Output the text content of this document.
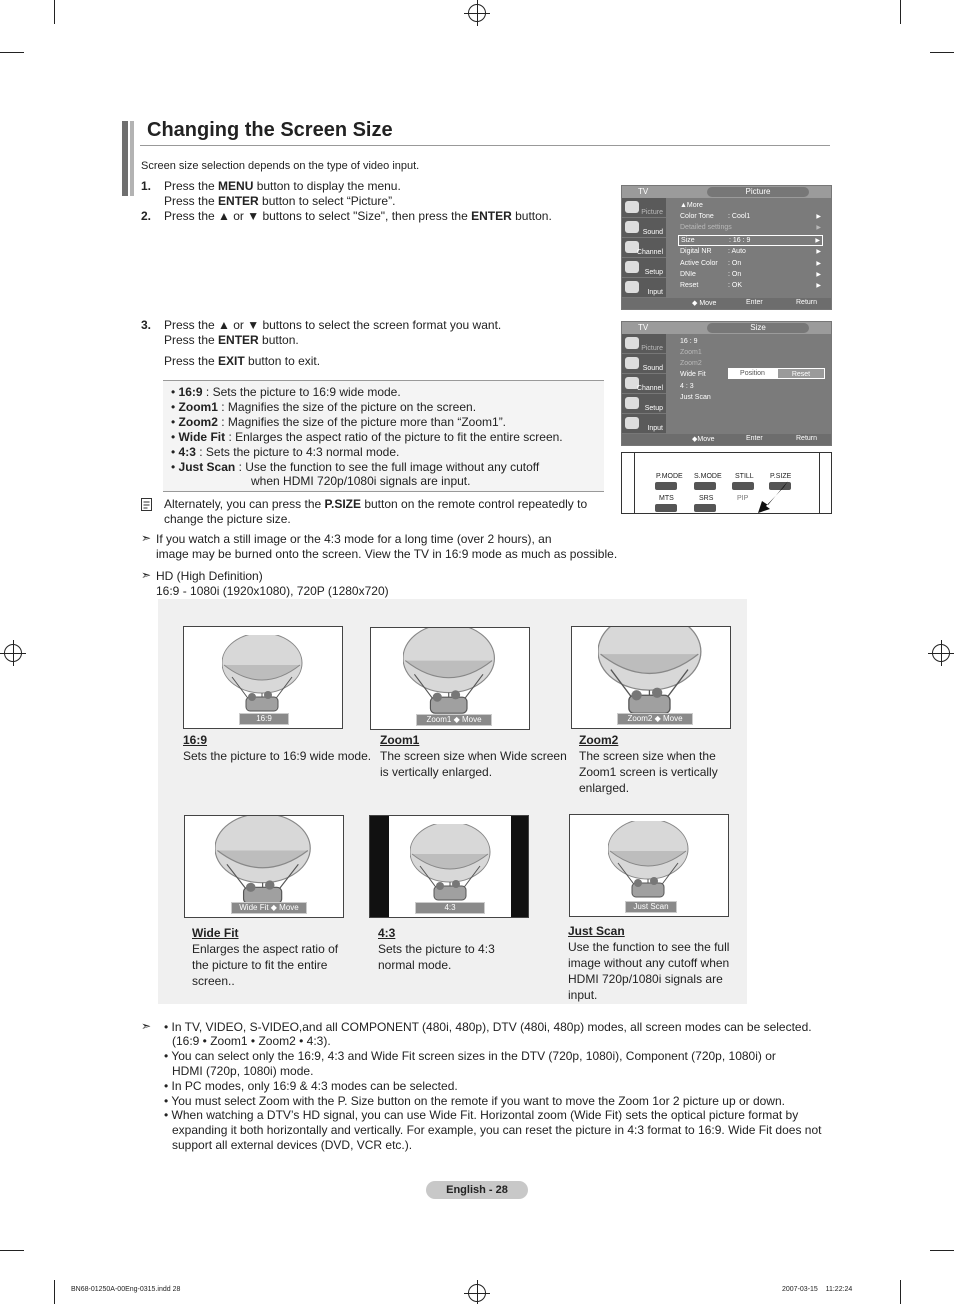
Changing the Screen Size
Screen size selection depends on the type of video input.
1. Press the MENU button to display the menu.
Press the ENTER button to select “Picture”.
2. Press the ▲ or ▼ buttons to select "Size", then press the ENTER button.
TV	Picture
Picture
Sound
Channel
Setup
Input
▲More
Color Tone : Cool1	▶
Detailed settings	▶
Size	: 16 : 9	▶
Digital NR : Auto	▶
Active Color : On	▶
DNIe	: On	▶
Reset	: OK	▶
◆ Move	Enter	Return
3. Press the ▲ or ▼ buttons to select the screen format you want.
Press the ENTER button.
Press the EXIT button to exit.
TV	Size
Picture
Sound
Channel
Setup
Input
16 : 9
Zoom1
Zoom2
Wide Fit
4 : 3
Just Scan
Position	Reset
◆Move	Enter	Return
P.MODE S.MODE STILL P.SIZE
MTS	SRS	PIP
• 16:9 : Sets the picture to 16:9 wide mode.
• Zoom1 : Magnifies the size of the picture on the screen.
• Zoom2 : Magnifies the size of the picture more than “Zoom1”.
• Wide Fit : Enlarges the aspect ratio of the picture to fit the entire screen.
• 4:3 : Sets the picture to 4:3 normal mode.
• Just Scan : Use the function to see the full image without any cutoff
when HDMI 720p/1080i signals are input.
Alternately, you can press the P.SIZE button on the remote control repeatedly to
change the picture size.
➣ If you watch a still image or the 4:3 mode for a long time (over 2 hours), an
image may be burned onto the screen. View the TV in 16:9 mode as much as possible.
➣ HD (High Definition)
16:9 - 1080i (1920x1080), 720P (1280x720)
16:9
16:9
Sets the picture to 16:9 wide mode.
Zoom1 ◆ Move
Zoom1
The screen size when Wide screen
is vertically enlarged.
Zoom2 ◆ Move
Zoom2
The screen size when the
Zoom1 screen is vertically
enlarged.
Wide Fit ◆ Move
Wide Fit
Enlarges the aspect ratio of
the picture to fit the entire
screen..
4:3
4:3
Sets the picture to 4:3
normal mode.
Just Scan
Just Scan
Use the function to see the full
image without any cutoff when
HDMI 720p/1080i signals are
input.
➣ • In TV, VIDEO, S-VIDEO,and all COMPONENT (480i, 480p), DTV (480i, 480p) modes, all screen modes can be selected.
(16:9 • Zoom1 • Zoom2 • 4:3).
• You can select only the 16:9, 4:3 and Wide Fit screen sizes in the DTV (720p, 1080i), Component (720p, 1080i) or
HDMI (720p, 1080i) mode.
• In PC modes, only 16:9 & 4:3 modes can be selected.
• You must select Zoom with the P. Size button on the remote if you want to move the Zoom 1or 2 picture up or down.
• When watching a DTV’s HD signal, you can use Wide Fit. Horizontal zoom (Wide Fit) sets the optical picture format by
expanding it both horizontally and vertically. For example, you can reset the picture in 4:3 format to 16:9. Wide Fit does not
support all external devices (DVD, VCR etc.).
English - 28
BN68-01250A-00Eng-0315.indd 28	2007-03-15    11:22:24
